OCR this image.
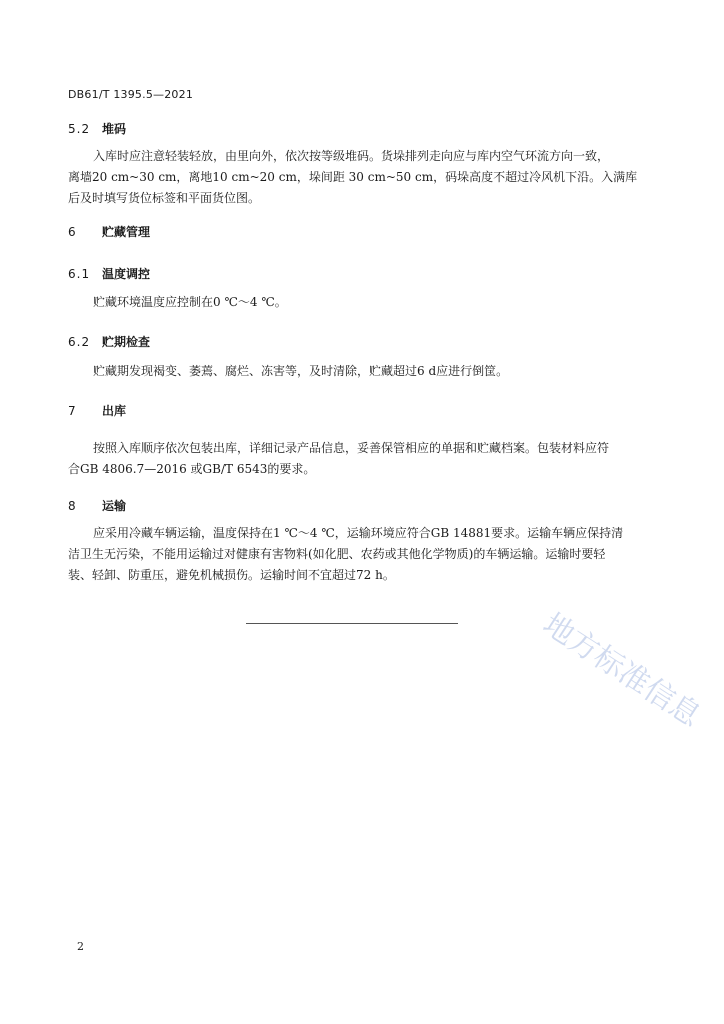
DB61/T 1395.5—2021
5.2 堆码
入库时应注意轻装轻放，由里向外，依次按等级堆码。货垛排列走向应与库内空气环流方向一致，
离墙20 cm~30 cm，离地10 cm~20 cm，垛间距 30 cm~50 cm，码垛高度不超过冷风机下沿。入满库
后及时填写货位标签和平面货位图。
6 贮藏管理
6.1 温度调控
贮藏环境温度应控制在0 ℃～4 ℃。
6.2 贮期检查
贮藏期发现褐变、萎蔫、腐烂、冻害等，及时清除，贮藏超过6 d应进行倒筐。
7 出库
按照入库顺序依次包装出库，详细记录产品信息，妥善保管相应的单据和贮藏档案。包装材料应符
合GB 4806.7—2016 或GB/T 6543的要求。
8 运输
应采用冷藏车辆运输，温度保持在1 ℃～4 ℃，运输环境应符合GB 14881要求。运输车辆应保持清
洁卫生无污染，不能用运输过对健康有害物料(如化肥、农药或其他化学物质)的车辆运输。运输时要轻
装、轻卸、防重压，避免机械损伤。运输时间不宜超过72 h。
地方标准信息
2
